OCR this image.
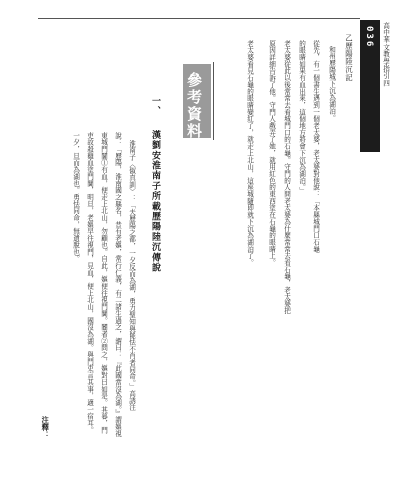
高中華文教學指引四
036
乙歷陽陸沉記
和州歷陽城下沉為湖泊。
從先，有一個書生遇到一個老太婆，老太婆對他說：「本縣城門口石龜
的眼睛如果有血出來，這個地方將會下沉為湖泊。」
老太婆從此以後常常去看城門口的石龜。守門的人問老太婆為什麼常常去看石龜，老太婆把
原因詳細告訴了他。守門人戲弄了她，就用紅色的東西塗在石龜的眼睛上。
老太婆看見石龜的眼睛變紅了，就走上北山，這座城隨即就下沉為湖泊了。
參考資料
一、
漢劉安淮南子所載歷陽陸沉傳說
淮南子〈俶真訓〉：「夫歷陽之都，一夕反而為湖，勇力聖知與罷怯不肖者同命。」高誘注
說：「歷陽，淮南國之縣名，昔有老嫗，常行仁義，有二諸生過之，謂曰：『此國當沒為湖。』謂嫗視
東城門閫①有血，便走上北山，勿顧也。自此，嫗便往視門閫。閽者②問之，嫗對曰如是。其暮，門
吏故殺雞血塗門閫，明旦，老嫗早往視門，見血，便上北山，國沒為湖。與門吏言其事，適一宿耳。
一夕，旦而為湖也。勇怯同命，無遺脫也。
注釋：
